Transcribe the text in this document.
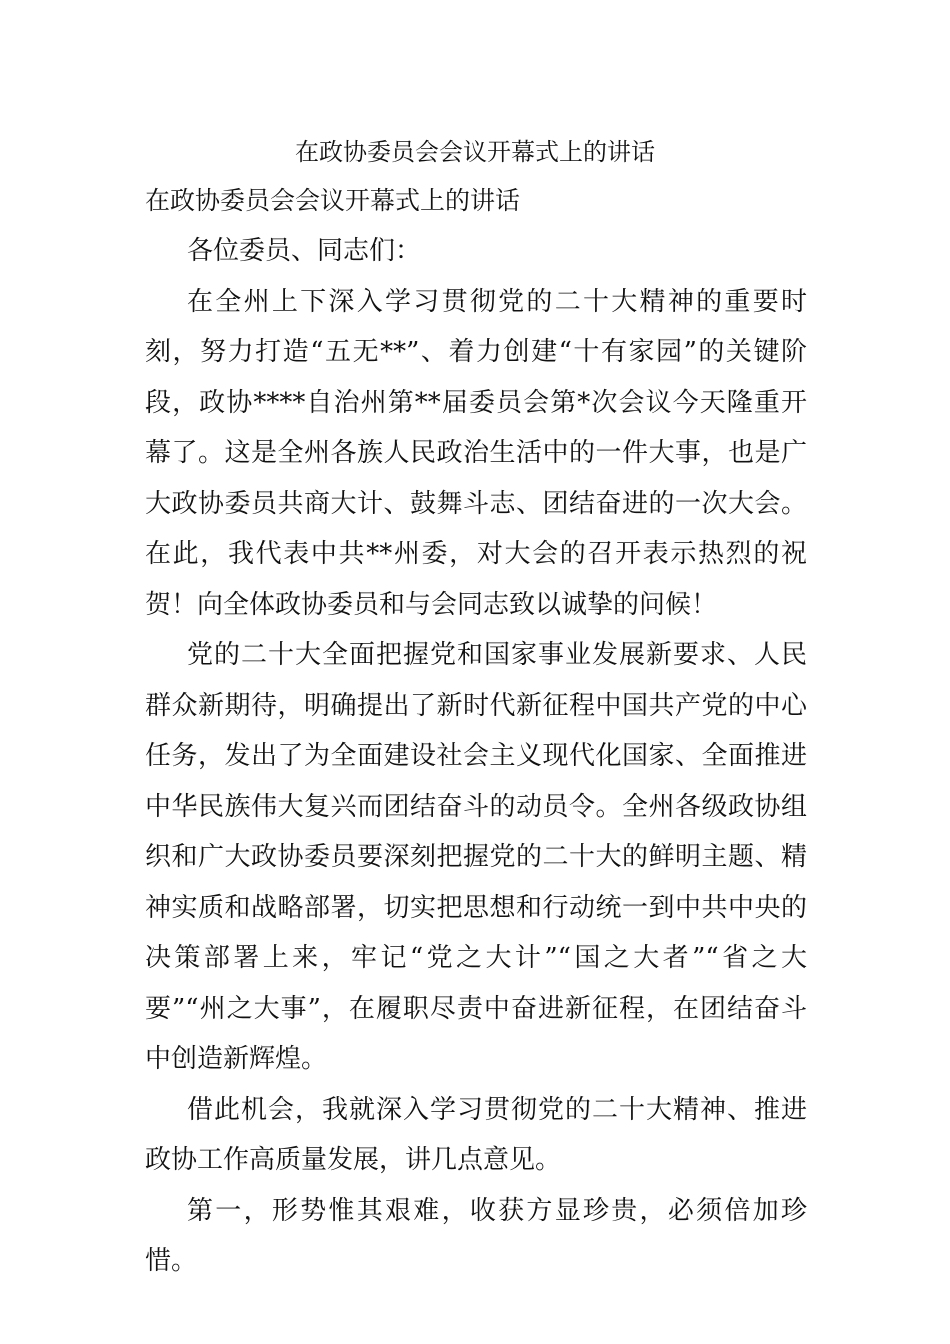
在政协委员会会议开幕式上的讲话

在政协委员会会议开幕式上的讲话

各位委员、同志们：

在全州上下深入学习贯彻党的二十大精神的重要时刻，努力打造“五无**”、着力创建“十有家园”的关键阶段，政协****自治州第**届委员会第*次会议今天隆重开幕了。这是全州各族人民政治生活中的一件大事，也是广大政协委员共商大计、鼓舞斗志、团结奋进的一次大会。在此，我代表中共**州委，对大会的召开表示热烈的祝贺！向全体政协委员和与会同志致以诚挚的问候！

党的二十大全面把握党和国家事业发展新要求、人民群众新期待，明确提出了新时代新征程中国共产党的中心任务，发出了为全面建设社会主义现代化国家、全面推进中华民族伟大复兴而团结奋斗的动员令。全州各级政协组织和广大政协委员要深刻把握党的二十大的鲜明主题、精神实质和战略部署，切实把思想和行动统一到中共中央的决策部署上来，牢记“党之大计”“国之大者”“省之大要”“州之大事”，在履职尽责中奋进新征程，在团结奋斗中创造新辉煌。

借此机会，我就深入学习贯彻党的二十大精神、推进政协工作高质量发展，讲几点意见。

第一，形势惟其艰难，收获方显珍贵，必须倍加珍惜。
